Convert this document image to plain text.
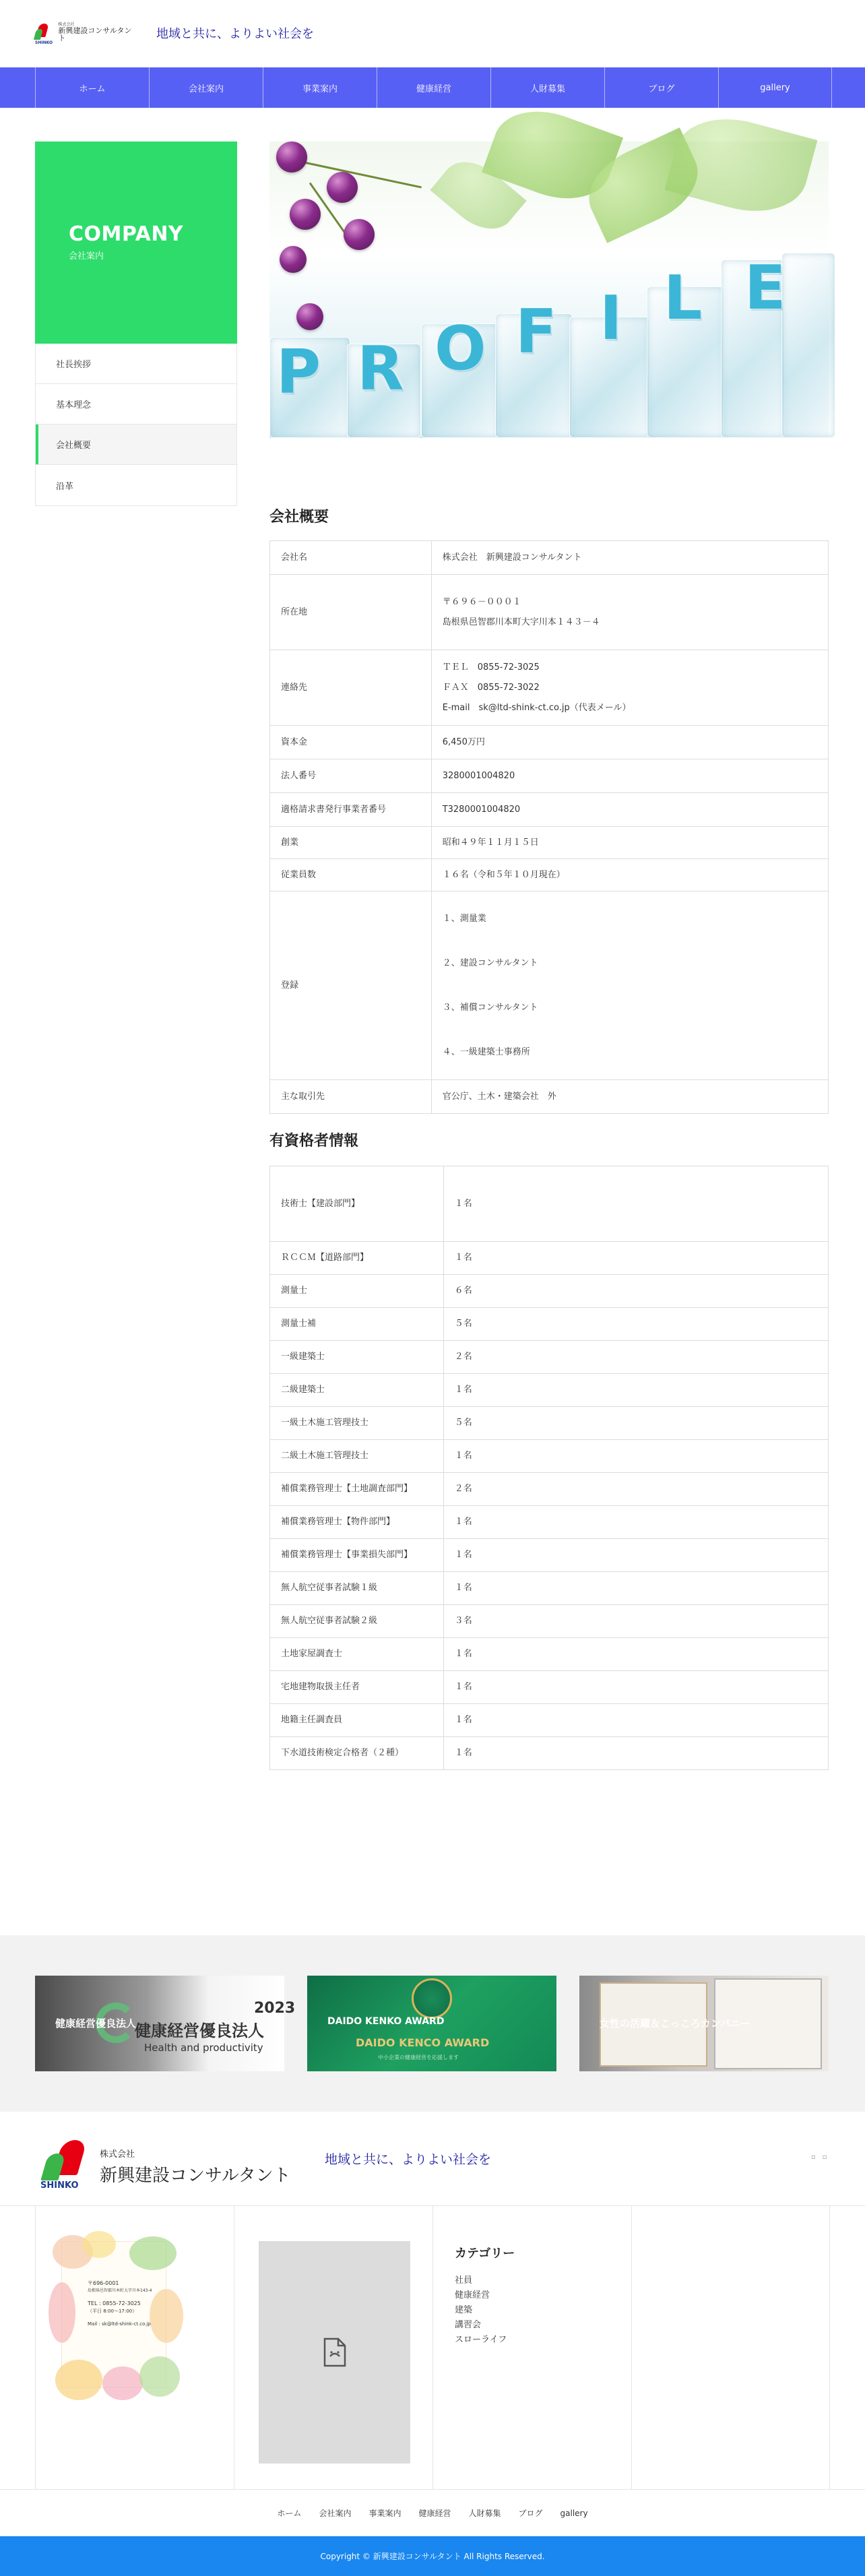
SHINKO
株式会社
新興建設コンサルタント	地域と共に、よりよい社会を
ホーム	会社案内	事業案内	健康経営	人財募集	ブログ	gallery
COMPANY
会社案内
社長挨拶
基本理念
会社概要
沿革
P R O F I L E
会社概要
会社名	株式会社　新興建設コンサルタント
所在地	〒６９６－０００１
島根県邑智郡川本町大字川本１４３－４

連絡先	ＴＥＬ　0855-72-3025
ＦＡＸ　0855-72-3022
E-mail　sk@ltd-shink-ct.co.jp（代表メール）

資本金	6,450万円
法人番号	3280001004820
適格請求書発行事業者番号	T3280001004820
創業	昭和４９年１１月１５日
従業員数	１６名（令和５年１０月現在）
登録	１、測量業
２、建設コンサルタント
３、補償コンサルタント
４、一級建築士事務所

主な取引先	官公庁、土木・建築会社　外
有資格者情報
技術士【建設部門】	１名
ＲＣＣＭ【道路部門】	１名
測量士	６名
測量士補	５名
一級建築士	２名
二級建築士	１名
一級土木施工管理技士	５名
二級土木施工管理技士	１名
補償業務管理士【土地調査部門】	２名
補償業務管理士【物件部門】	１名
補償業務管理士【事業損失部門】	１名
無人航空従事者試験１級	１名
無人航空従事者試験２級	３名
土地家屋調査士	１名
宅地建物取扱主任者	１名
地籍主任調査員	１名
下水道技術検定合格者（２種）	１名
2023
健康経営優良法人
Health and productivity
健康経営優良法人
DAIDO KENCO AWARD
中小企業の健康経営を応援します
DAIDO KENKO AWARD	女性の活躍＆こっころカンパニー
SHINKO
株式会社
新興建設コンサルタント
地域と共に、よりよい社会を	▫▫
〒696-0001
島根県邑智郡川本町大字川本143-4
TEL : 0855-72-3025
（平日 8:00〜17:00）
Mail : sk@ltd-shink-ct.co.jp
カテゴリー
社員
健康経営
建築
講習会
スローライフ
ホーム 会社案内 事業案内 健康経営 人財募集 ブログ gallery
Copyright © 新興建設コンサルタント All Rights Reserved.
